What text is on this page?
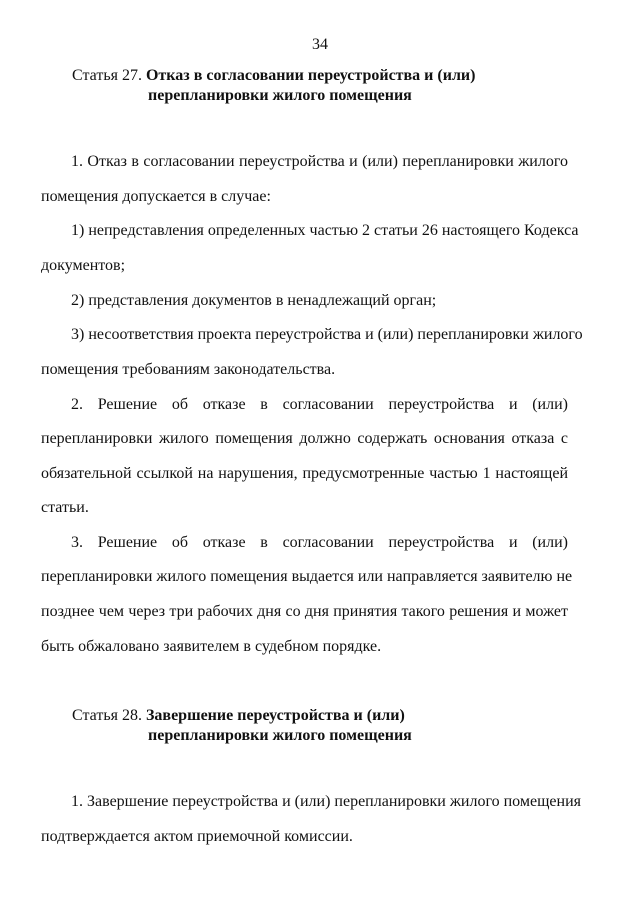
34
Статья 27. Отказ в согласовании переустройства и (или)
перепланировки жилого помещения
1. Отказ в согласовании переустройства и (или) перепланировки жилого
помещения допускается в случае:
1) непредставления определенных частью 2 статьи 26 настоящего Кодекса
документов;
2) представления документов в ненадлежащий орган;
3) несоответствия проекта переустройства и (или) перепланировки жилого
помещения требованиям законодательства.
2. Решение об отказе в согласовании переустройства и (или)
перепланировки жилого помещения должно содержать основания отказа с
обязательной ссылкой на нарушения, предусмотренные частью 1 настоящей
статьи.
3. Решение об отказе в согласовании переустройства и (или)
перепланировки жилого помещения выдается или направляется заявителю не
позднее чем через три рабочих дня со дня принятия такого решения и может
быть обжаловано заявителем в судебном порядке.
Статья 28. Завершение переустройства и (или)
перепланировки жилого помещения
1. Завершение переустройства и (или) перепланировки жилого помещения
подтверждается актом приемочной комиссии.
